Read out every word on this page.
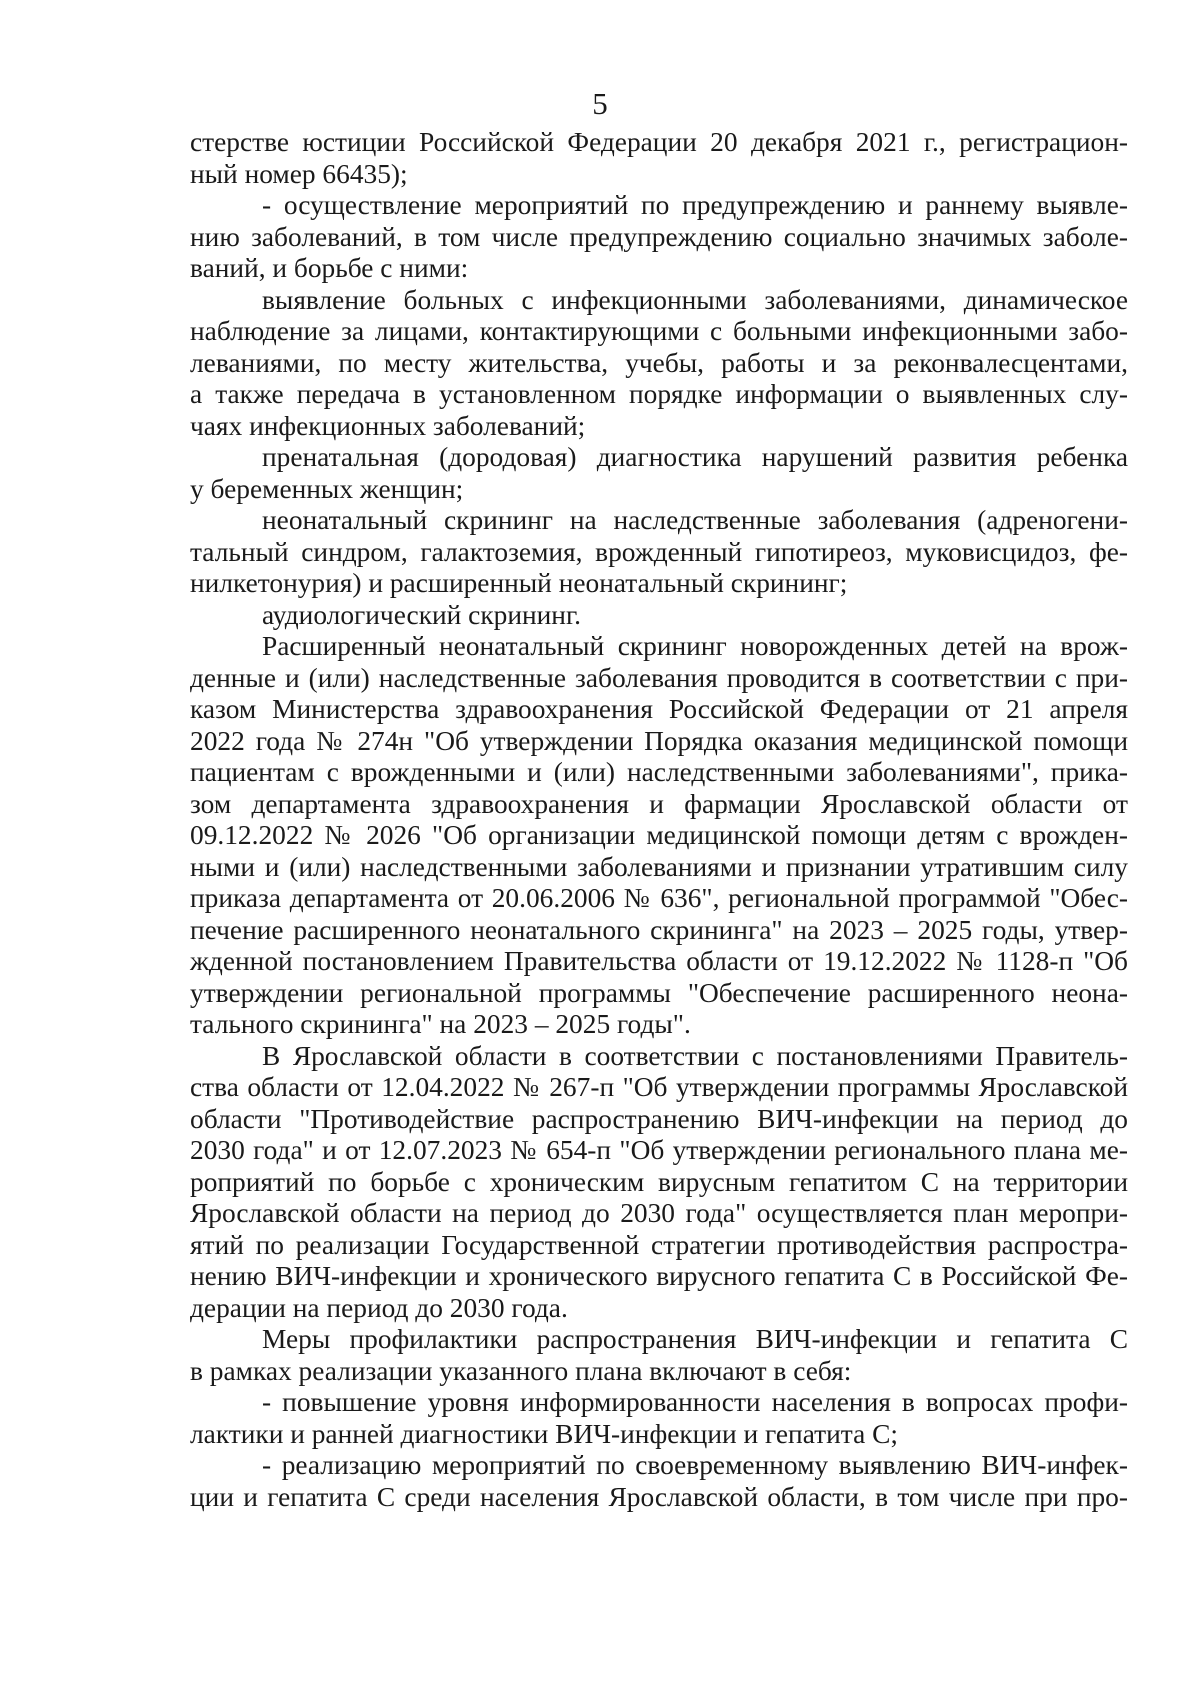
5
стерстве юстиции Российской Федерации 20 декабря 2021 г., регистрацион-
ный номер 66435);
- осуществление мероприятий по предупреждению и раннему выявле-
нию заболеваний, в том числе предупреждению социально значимых заболе-
ваний, и борьбе с ними:
выявление больных с инфекционными заболеваниями, динамическое
наблюдение за лицами, контактирующими с больными инфекционными забо-
леваниями, по месту жительства, учебы, работы и за реконвалесцентами,
а также передача в установленном порядке информации о выявленных слу-
чаях инфекционных заболеваний;
пренатальная (дородовая) диагностика нарушений развития ребенка
у беременных женщин;
неонатальный скрининг на наследственные заболевания (адреногени-
тальный синдром, галактоземия, врожденный гипотиреоз, муковисцидоз, фе-
нилкетонурия) и расширенный неонатальный скрининг;
аудиологический скрининг.
Расширенный неонатальный скрининг новорожденных детей на врож-
денные и (или) наследственные заболевания проводится в соответствии с при-
казом Министерства здравоохранения Российской Федерации от 21 апреля
2022 года № 274н "Об утверждении Порядка оказания медицинской помощи
пациентам с врожденными и (или) наследственными заболеваниями", прика-
зом департамента здравоохранения и фармации Ярославской области от
09.12.2022 № 2026 "Об организации медицинской помощи детям с врожден-
ными и (или) наследственными заболеваниями и признании утратившим силу
приказа департамента от 20.06.2006 № 636", региональной программой "Обес-
печение расширенного неонатального скрининга" на 2023 – 2025 годы, утвер-
жденной постановлением Правительства области от 19.12.2022 № 1128-п "Об
утверждении региональной программы "Обеспечение расширенного неона-
тального скрининга" на 2023 – 2025 годы".
В Ярославской области в соответствии с постановлениями Правитель-
ства области от 12.04.2022 № 267-п "Об утверждении программы Ярославской
области "Противодействие распространению ВИЧ-инфекции на период до
2030 года" и от 12.07.2023 № 654-п "Об утверждении регионального плана ме-
роприятий по борьбе с хроническим вирусным гепатитом С на территории
Ярославской области на период до 2030 года" осуществляется план меропри-
ятий по реализации Государственной стратегии противодействия распростра-
нению ВИЧ-инфекции и хронического вирусного гепатита С в Российской Фе-
дерации на период до 2030 года.
Меры профилактики распространения ВИЧ-инфекции и гепатита С
в рамках реализации указанного плана включают в себя:
- повышение уровня информированности населения в вопросах профи-
лактики и ранней диагностики ВИЧ-инфекции и гепатита С;
- реализацию мероприятий по своевременному выявлению ВИЧ-инфек-
ции и гепатита С среди населения Ярославской области, в том числе при про-
